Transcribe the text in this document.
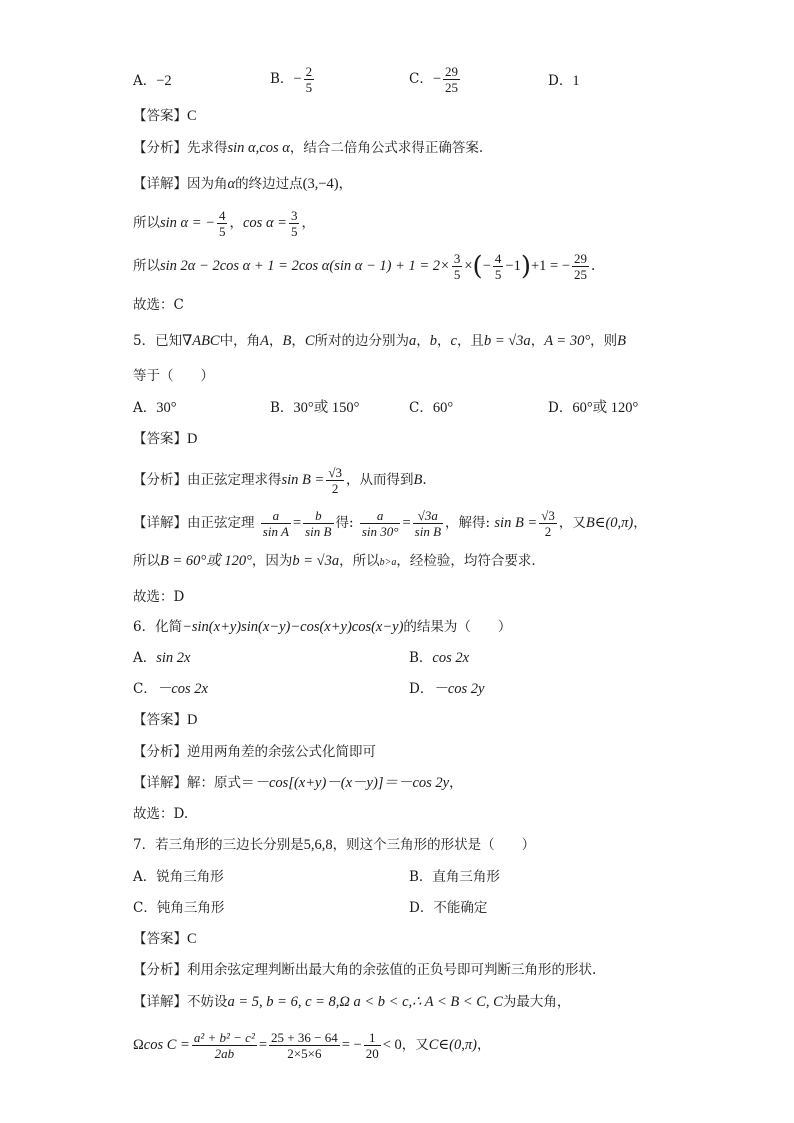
A．−2	B．− $\frac{2}{5}$	C．− $\frac{29}{25}$	D．1
【答案】C
【分析】先求得sin α,cos α，结合二倍角公式求得正确答案.
【详解】因为角α的终边过点(3,−4)，
所以sin α = − $\frac{4}{5}$ ，$\cos \alpha = \frac{3}{5}$ ，
所以sin 2α − 2cos α + 1 = 2cos α(sin $\alpha - 1) + 1 = 2\times \frac{3}{5}$ ×(− $\frac{4}{5} -1)+1$ = − $\frac{29}{25}$ .
故选：C
5．已知∇ABC中，角A，B，C所对的边分别为a，b，c，且b = √3a，A = 30°，则B
等于（　　）
A．30°	B．30°或 150°	C．60°	D．60°或 120°
【答案】D
【分析】由正弦定理求得$\sin B = \frac{√3}{2}$ ，从而得到B.
【详解】由正弦定理 $\frac{a}{\text{sin A}} = \frac{b}{\text{sin B}}$ 得: $\frac{a}{\sin 30^\circ} = \frac{√3a}{\text{sin B}}$ ，解得: $\sin B = \frac{√3}{2}$ ，又B∈(0,π)，
所以B = 60°或 120°，因为b = √3a，所以b>a，经检验，均符合要求.
故选：D
6．化简−sin(x+y)sin(x−y)−cos(x+y)cos(x−y)的结果为（　　）
A．sin 2x	B．cos 2x
C．－cos 2x	D．－cos 2y
【答案】D
【分析】逆用两角差的余弦公式化简即可
【详解】解：原式＝－cos[(x+y)－(x－y)]＝－cos 2y，
故选：D.
7．若三角形的三边长分别是5,6,8，则这个三角形的形状是（　　）
A．锐角三角形	B．直角三角形
C．钝角三角形	D．不能确定
【答案】C
【分析】利用余弦定理判断出最大角的余弦值的正负号即可判断三角形的形状.
【详解】不妨设a = 5, b = 6, c = 8,Ω a < b < c,∴ A < B < C, C为最大角，
Ωcos $C = \frac{\text{a² + b² − c²}}{2ab} = \frac{25 + 36 - 64}{2\times 5\times 6}$ = − $\frac{1}{20} < 0$，又C∈(0,π)，
